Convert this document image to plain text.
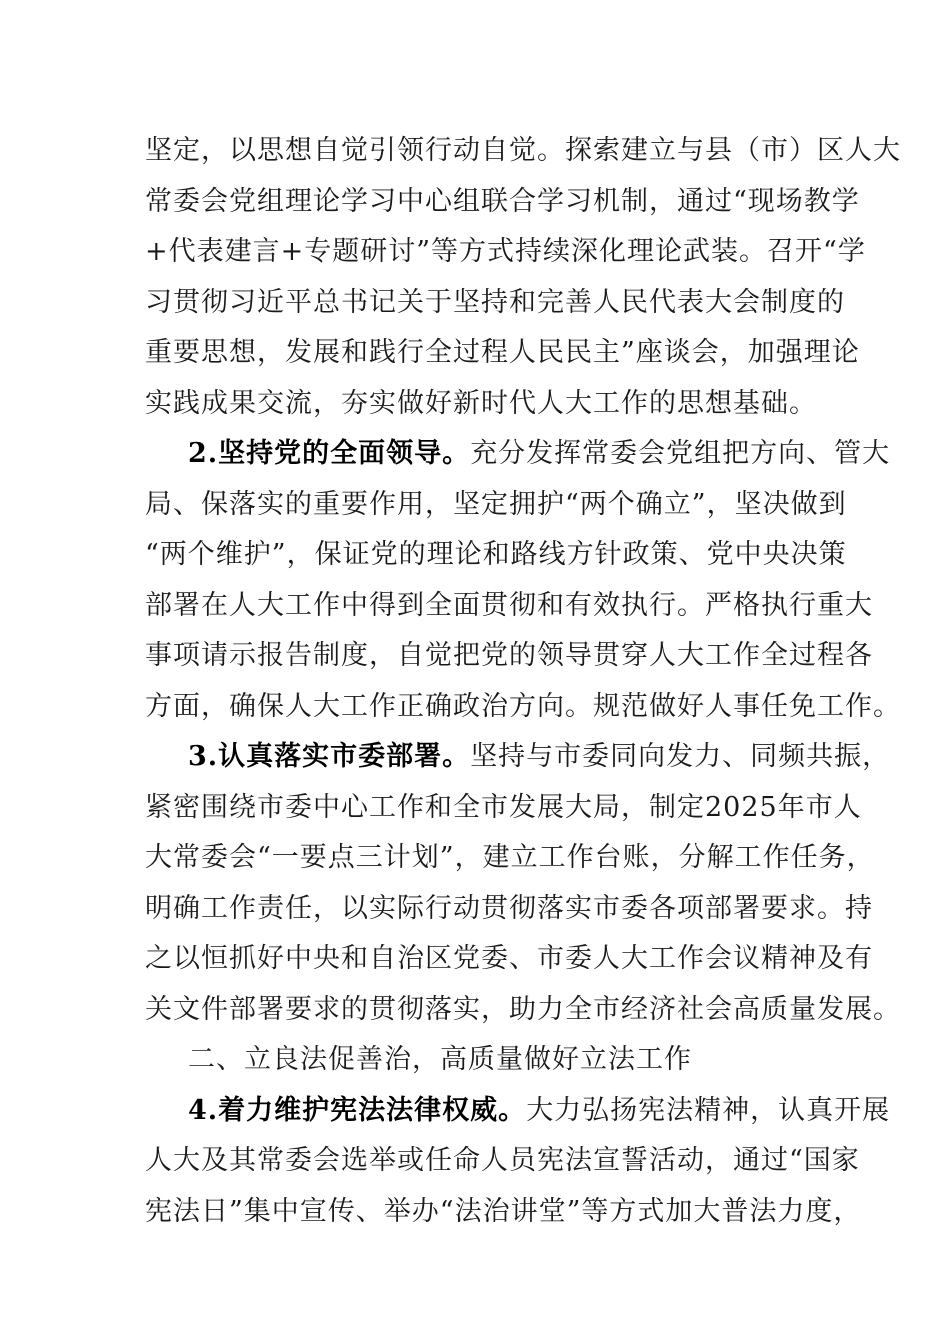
坚定，以思想自觉引领行动自觉。探索建立与县（市）区人大
常委会党组理论学习中心组联合学习机制，通过“现场教学
+代表建言+专题研讨”等方式持续深化理论武装。召开“学
习贯彻习近平总书记关于坚持和完善人民代表大会制度的
重要思想，发展和践行全过程人民民主”座谈会，加强理论
实践成果交流，夯实做好新时代人大工作的思想基础。
2.坚持党的全面领导。充分发挥常委会党组把方向、管大
局、保落实的重要作用，坚定拥护“两个确立”，坚决做到
“两个维护”，保证党的理论和路线方针政策、党中央决策
部署在人大工作中得到全面贯彻和有效执行。严格执行重大
事项请示报告制度，自觉把党的领导贯穿人大工作全过程各
方面，确保人大工作正确政治方向。规范做好人事任免工作。
3.认真落实市委部署。坚持与市委同向发力、同频共振，
紧密围绕市委中心工作和全市发展大局，制定2025年市人
大常委会“一要点三计划”，建立工作台账，分解工作任务，
明确工作责任，以实际行动贯彻落实市委各项部署要求。持
之以恒抓好中央和自治区党委、市委人大工作会议精神及有
关文件部署要求的贯彻落实，助力全市经济社会高质量发展。
二、立良法促善治，高质量做好立法工作
4.着力维护宪法法律权威。大力弘扬宪法精神，认真开展
人大及其常委会选举或任命人员宪法宣誓活动，通过“国家
宪法日”集中宣传、举办“法治讲堂”等方式加大普法力度，
